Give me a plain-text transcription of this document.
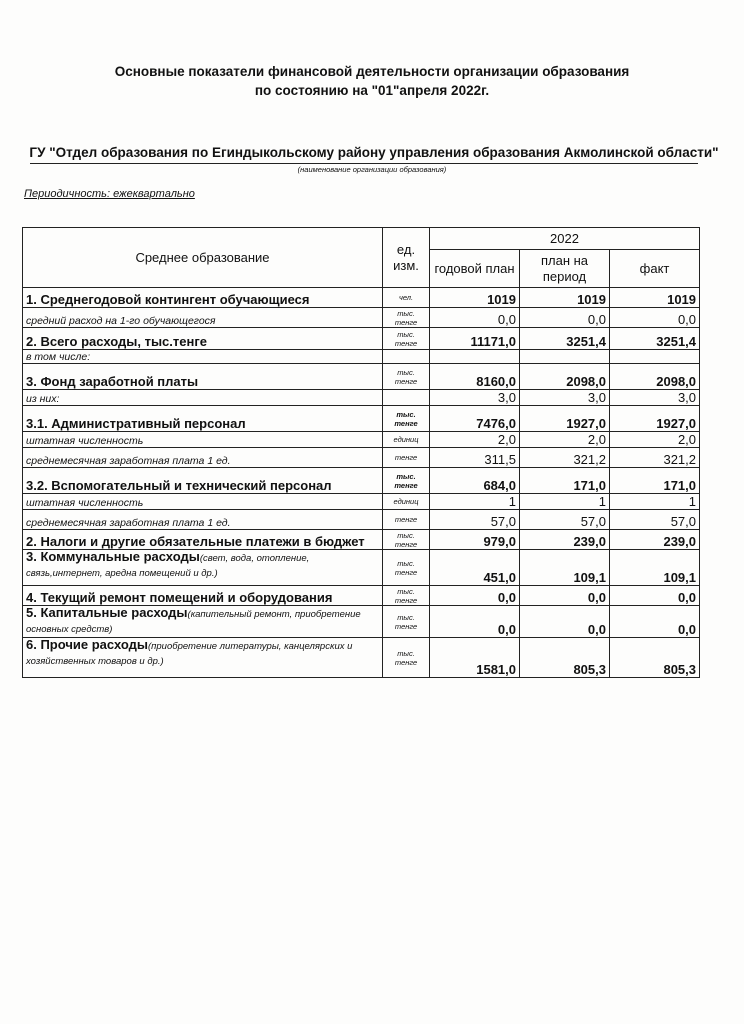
Основные показатели финансовой деятельности организации образования
по состоянию на "01"апреля 2022г.
ГУ "Отдел образования по Егиндыкольскому району управления образования Акмолинской области"
(наименование организации образования)
Периодичность: ежеквартально
Среднее образование	ед. изм.	2022		
		годовой план	план на период	факт
1. Среднегодовой контингент обучающиеся	чел.	1019	1019	1019
средний расход на 1-го обучающегося	тыс. тенге	0,0	0,0	0,0
2. Всего расходы, тыс.тенге	тыс. тенге	11171,0	3251,4	3251,4
в том числе:				
3. Фонд заработной платы	тыс. тенге	8160,0	2098,0	2098,0
из них:		3,0	3,0	3,0
3.1. Административный персонал	тыс. тенге	7476,0	1927,0	1927,0
штатная численность	единиц	2,0	2,0	2,0
среднемесячная заработная плата 1 ед.	тенге	311,5	321,2	321,2
3.2. Вспомогательный и технический персонал	тыс. тенге	684,0	171,0	171,0
штатная численность	единиц	1	1	1
среднемесячная заработная плата 1 ед.	тенге	57,0	57,0	57,0
2. Налоги и другие обязательные платежи в бюджет	тыс. тенге	979,0	239,0	239,0
3. Коммунальные расходы(свет, вода, отопление, связь,интернет, аредна помещений и др.)	тыс. тенге	451,0	109,1	109,1
4. Текущий ремонт помещений и оборудования	тыс. тенге	0,0	0,0	0,0
5. Капитальные расходы(капительный ремонт, приобретение основных средств)	тыс. тенге	0,0	0,0	0,0
6. Прочие расходы(приобретение литературы, канцелярских и хозяйственных товаров и др.)	тыс. тенге	1581,0	805,3	805,3
